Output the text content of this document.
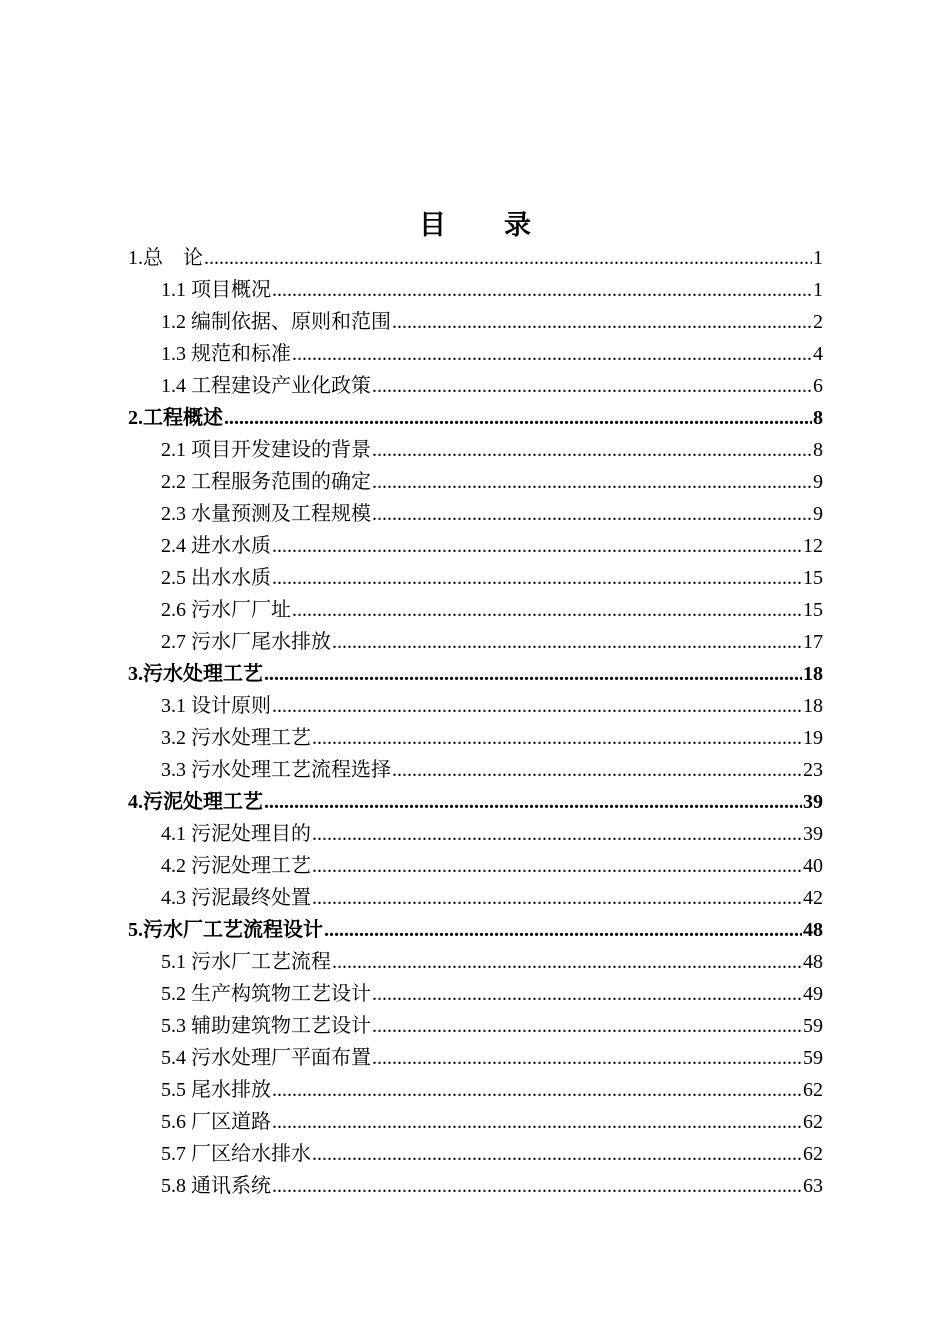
目 录
1.总　论 .....	1
1.1 项目概况 .....	1
1.2 编制依据、原则和范围 .....	2
1.3 规范和标准 .....	4
1.4 工程建设产业化政策 .....	6
2.工程概述 .....	8
2.1 项目开发建设的背景 .....	8
2.2 工程服务范围的确定 .....	9
2.3 水量预测及工程规模 .....	9
2.4 进水水质 .....	12
2.5 出水水质 .....	15
2.6 污水厂厂址 .....	15
2.7 污水厂尾水排放 .....	17
3.污水处理工艺 .....	18
3.1 设计原则 .....	18
3.2 污水处理工艺 .....	19
3.3 污水处理工艺流程选择 .....	23
4.污泥处理工艺 .....	39
4.1 污泥处理目的 .....	39
4.2 污泥处理工艺 .....	40
4.3 污泥最终处置 .....	42
5.污水厂工艺流程设计 .....	48
5.1 污水厂工艺流程 .....	48
5.2 生产构筑物工艺设计 .....	49
5.3 辅助建筑物工艺设计 .....	59
5.4 污水处理厂平面布置 .....	59
5.5 尾水排放 .....	62
5.6 厂区道路 .....	62
5.7 厂区给水排水 .....	62
5.8 通讯系统 .....	63
